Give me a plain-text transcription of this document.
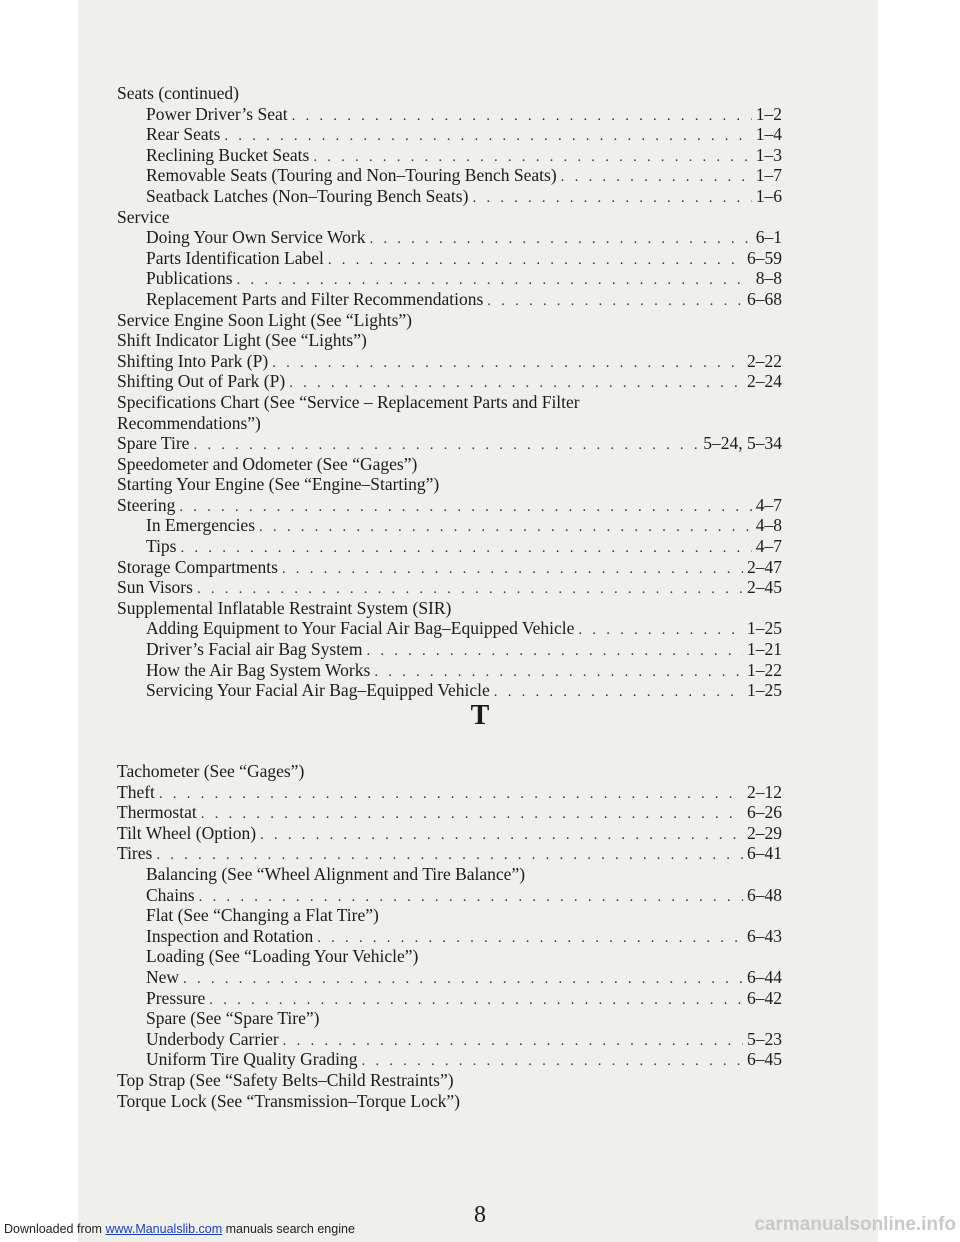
Seats (continued)
Power Driver’s Seat . . .	1–2
Rear Seats . . .	1–4
Reclining Bucket Seats . . .	1–3
Removable Seats (Touring and Non–Touring Bench Seats) . . .	1–7
Seatback Latches (Non–Touring Bench Seats) . . .	1–6
Service
Doing Your Own Service Work . . .	6–1
Parts Identification Label . . .	6–59
Publications . . .	8–8
Replacement Parts and Filter Recommendations . . .	6–68
Service Engine Soon Light (See “Lights”)
Shift Indicator Light (See “Lights”)
Shifting Into Park (P) . . .	2–22
Shifting Out of Park (P) . . .	2–24
Specifications Chart (See “Service – Replacement Parts and Filter
Recommendations”)
Spare Tire . . .	5–24, 5–34
Speedometer and Odometer (See “Gages”)
Starting Your Engine (See “Engine–Starting”)
Steering . . .	4–7
In Emergencies . . .	4–8
Tips . . .	4–7
Storage Compartments . . .	2–47
Sun Visors . . .	2–45
Supplemental Inflatable Restraint System (SIR)
Adding Equipment to Your Facial Air Bag–Equipped Vehicle . . .	1–25
Driver’s Facial air Bag System . . .	1–21
How the Air Bag System Works . . .	1–22
Servicing Your Facial Air Bag–Equipped Vehicle . . .	1–25
T
Tachometer (See “Gages”)
Theft . . .	2–12
Thermostat . . .	6–26
Tilt Wheel (Option) . . .	2–29
Tires . . .	6–41
Balancing (See “Wheel Alignment and Tire Balance”)
Chains . . .	6–48
Flat (See “Changing a Flat Tire”)
Inspection and Rotation . . .	6–43
Loading (See “Loading Your Vehicle”)
New . . .	6–44
Pressure . . .	6–42
Spare (See “Spare Tire”)
Underbody Carrier . . .	5–23
Uniform Tire Quality Grading . . .	6–45
Top Strap (See “Safety Belts–Child Restraints”)
Torque Lock (See “Transmission–Torque Lock”)
8
Downloaded from www.Manualslib.com manuals search engine	carmanualsonline.info
